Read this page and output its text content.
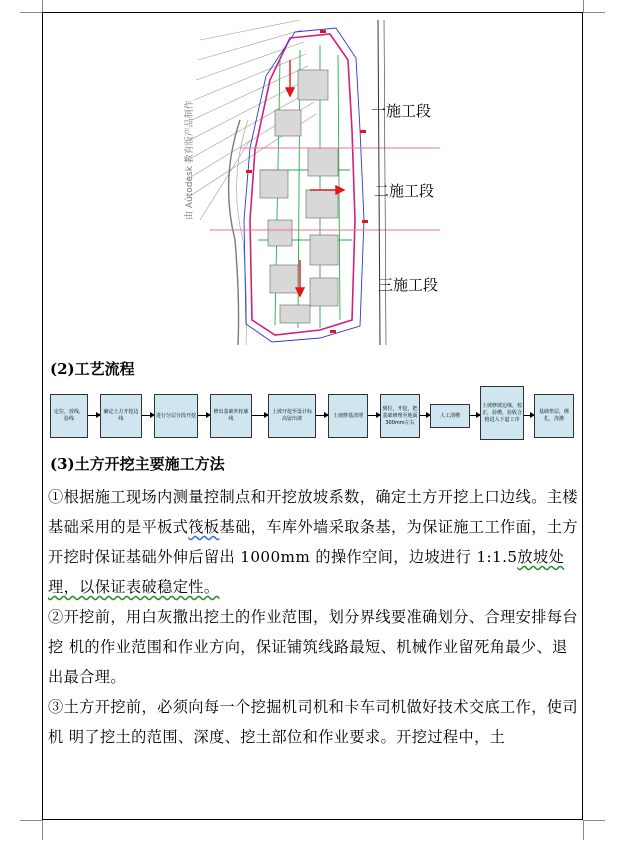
由 Autodesk 教育版产品制作	一施工段
二施工段
三施工段
(2)工艺流程
定位，放线，验线
确定土方开挖边线
进行分层分段开挖
修出基础外轮廓线
土坡开挖至设计标高留出坡
土坡修基清理
到位，开挖，把基础修理至地面300mm左右
人工清槽
土坡修坡边缘，校正，验槽，验收合格进入下道工序
基础垫层，绑扎，浇灌
(3)土方开挖主要施工方法

①根据施工现场内测量控制点和开挖放坡系数，确定土方开挖上口边线。主楼基础采用的是平板式筏板基础，车库外墙采取条基，为保证施工工作面，土方开挖时保证基础外伸后留出 1000mm 的操作空间，边坡进行 1:1.5放坡处理，以保证表破稳定性。

②开挖前，用白灰撒出挖土的作业范围，划分界线要准确划分、合理安排每台挖 机的作业范围和作业方向，保证铺筑线路最短、机械作业留死角最少、退出最合理。

③土方开挖前，必须向每一个挖掘机司机和卡车司机做好技术交底工作，使司机 明了挖土的范围、深度、挖土部位和作业要求。开挖过程中，土
